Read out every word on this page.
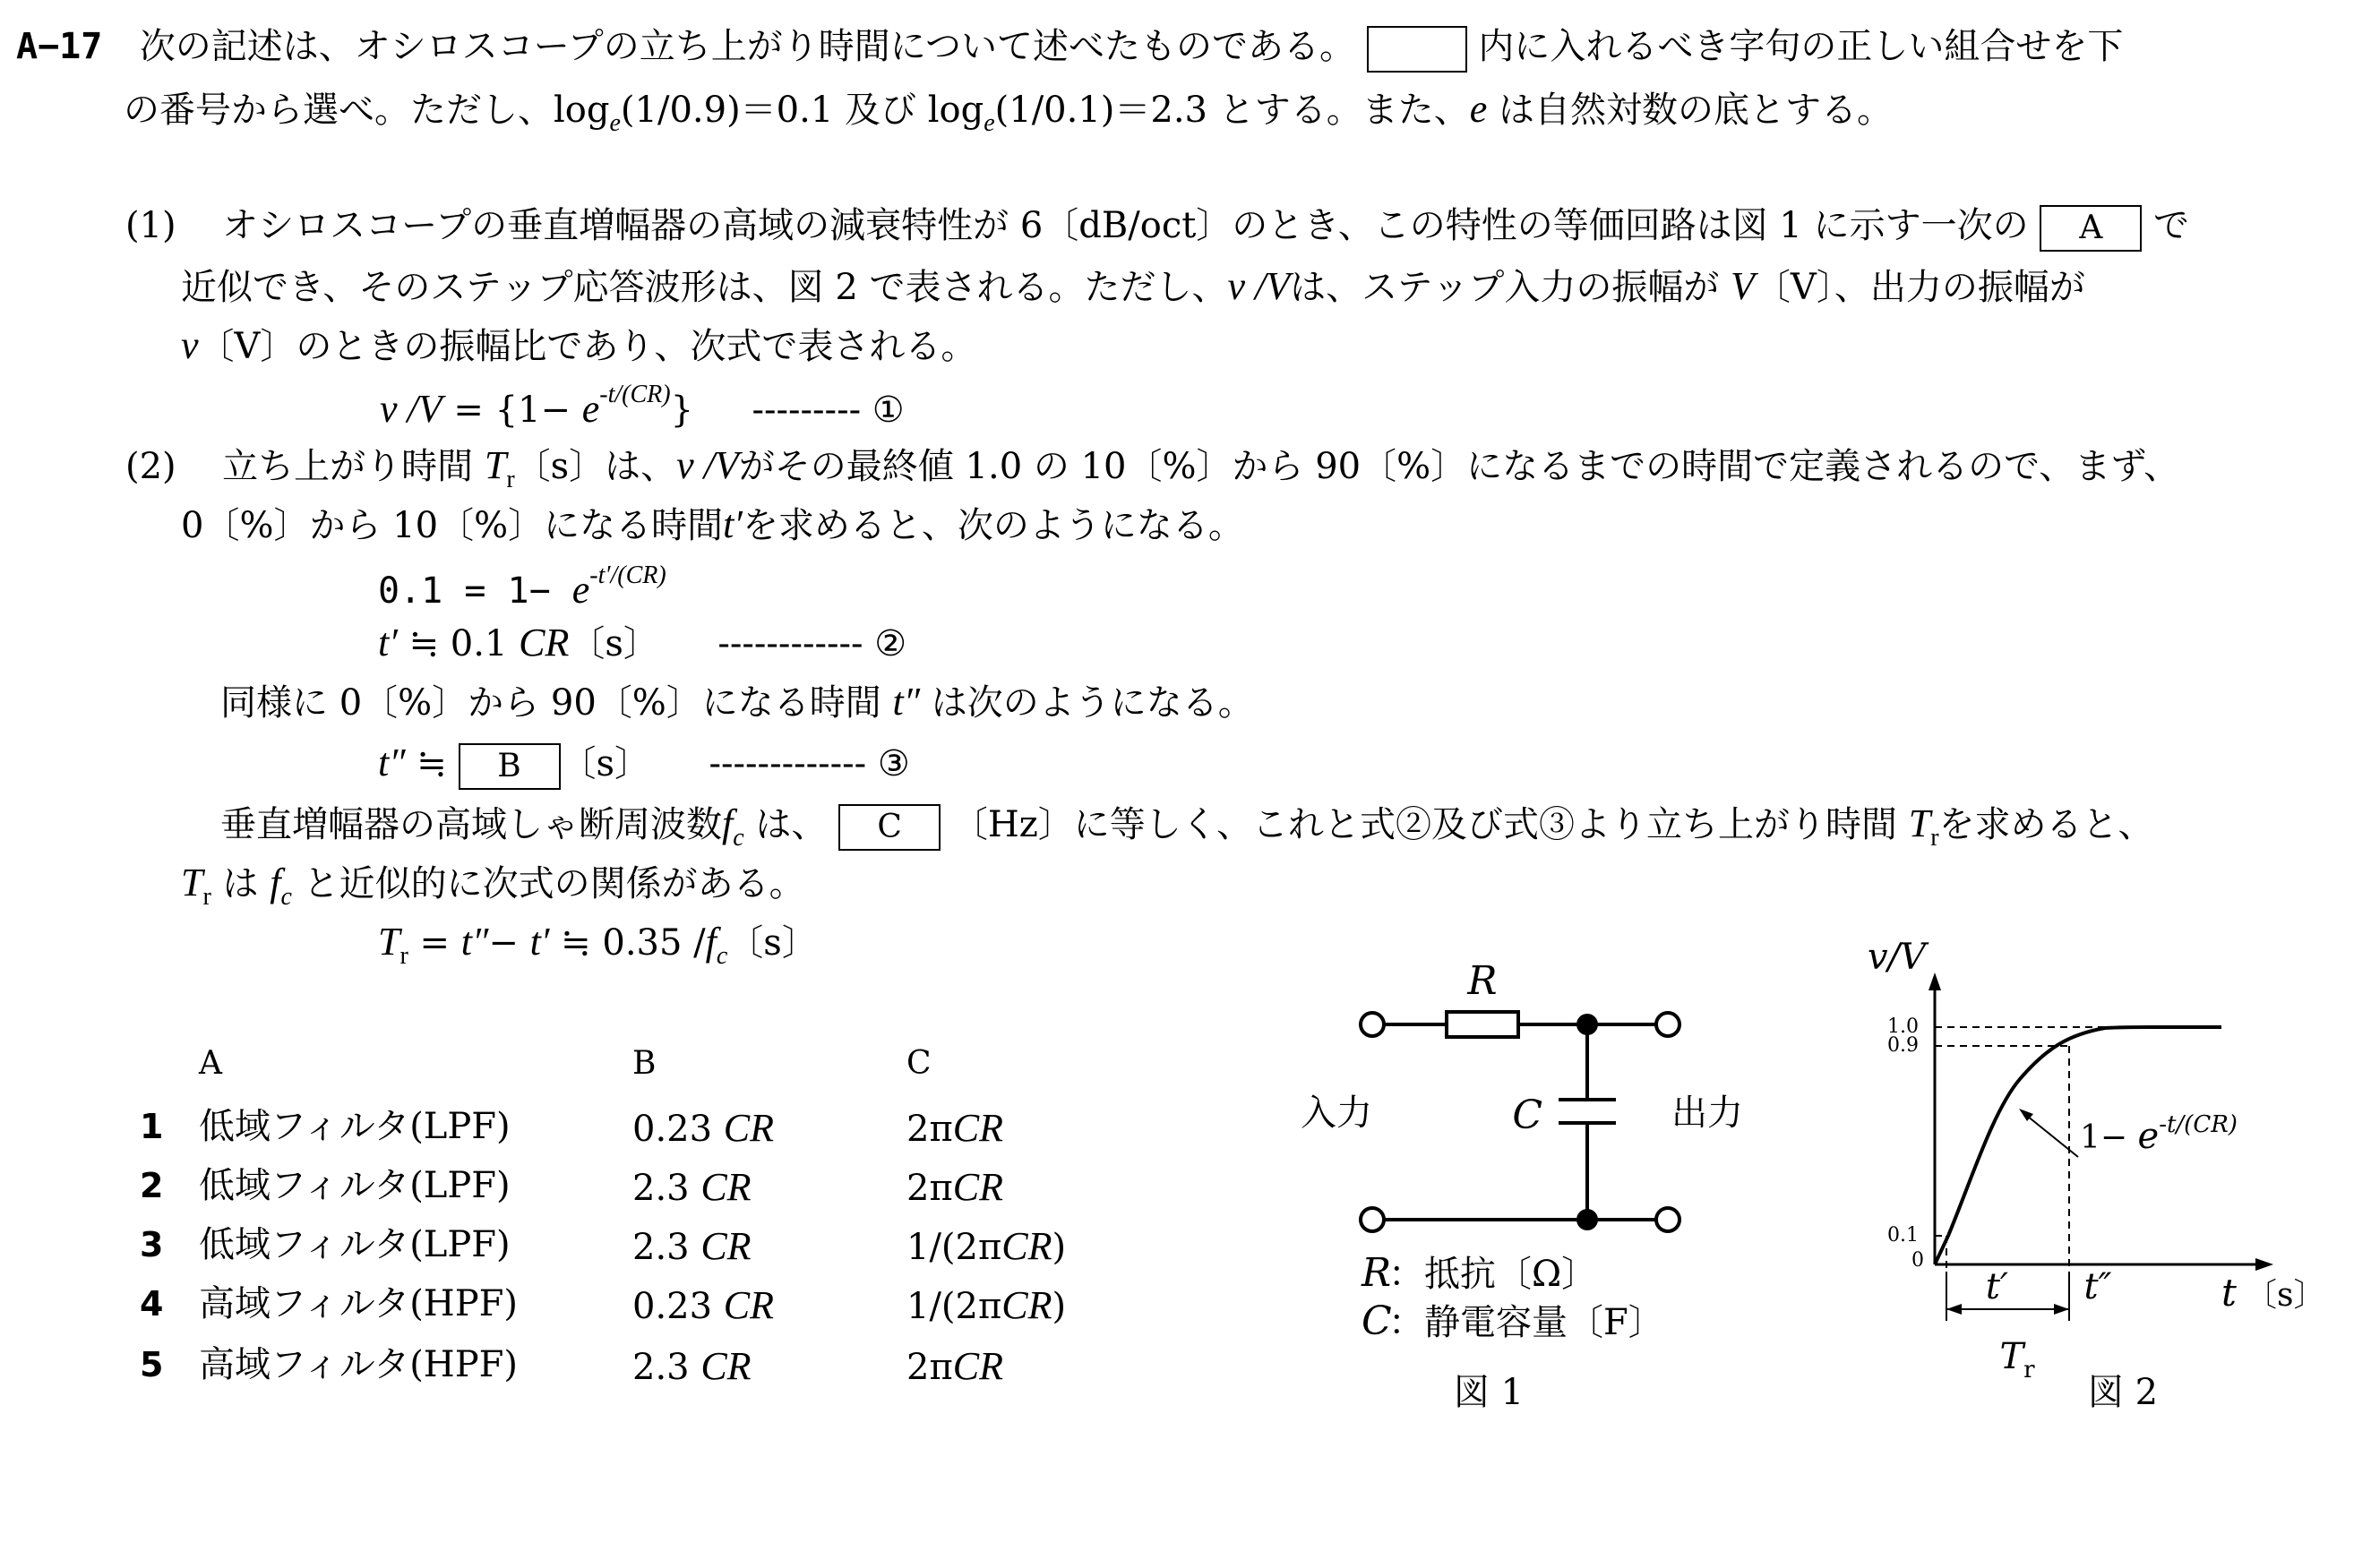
A−17 次の記述は、オシロスコープの立ち上がり時間について述べたものである。	内に入れるべき字句の正しい組合せを下
の番号から選べ。ただし、$\log_e(1/0.9)=0.1$ 及び $\log_e(1/0.1)=2.3$ とする。また、e は自然対数の底とする。
(1) オシロスコープの垂直増幅器の高域の減衰特性が 6〔dB/oct〕のとき、この特性の等価回路は図 1 に示す一次の A で
近似でき、そのステップ応答波形は、図 2 で表される。ただし、v /Vは、ステップ入力の振幅が V〔V〕、出力の振幅が
v〔V〕のときの振幅比であり、次式で表される。
v $/V = \{1- e^{-t/(CR)}\}$ --------- ①
(2) 立ち上がり時間 $T_r$〔s〕は、v /Vがその最終値 1.0 の 10〔%〕から 90〔%〕になるまでの時間で定義されるので、まず、
0〔%〕から 10〔%〕になる時間t′を求めると、次のようになる。
$0.1 = 1- e^{-t'/(CR)}$
t′ ≒ 0.1 CR〔s〕 ------------ ②
同様に 0〔%〕から 90〔%〕になる時間 t″ は次のようになる。
t″ ≒ B 〔s〕 ------------- ③
垂直増幅器の高域しゃ断周波数$f_c$ は、 C 〔Hz〕に等しく、これと式②及び式③より立ち上がり時間 $T_r$を求めると、
$T_r$ は $f_c$ と近似的に次式の関係がある。
$T_r = t''- t'$ ≒ 0.35 $/f_c$〔s〕
A	B	C
1 低域フィルタ(LPF)	0.23 CR	2πCR
2 低域フィルタ(LPF)	2.3 CR	2πCR
3 低域フィルタ(LPF)	2.3 CR	1/(2πCR)
4 高域フィルタ(HPF)	0.23 CR	1/(2πCR)
5 高域フィルタ(HPF)	2.3 CR	2πCR
R
C
入力	出力
R
：抵抗〔Ω〕
C
：静電容量〔F〕
図 1
v/V
1.0
0.9
0.1
0
$1- e^{-t/(CR)}$
t′ t″	t 〔s〕
$T_r$
図 2
